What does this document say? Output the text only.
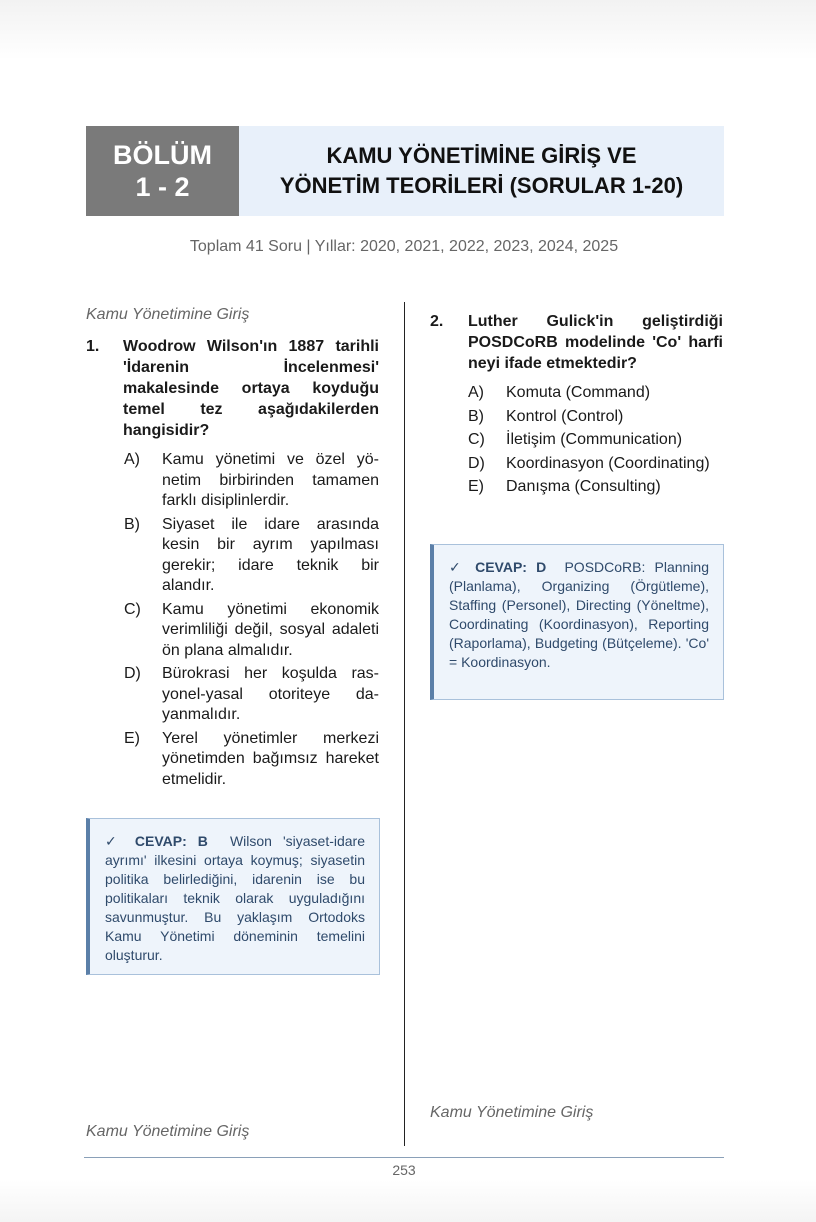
BÖLÜM
1 - 2
KAMU YÖNETİMİNE GİRİŞ VE
YÖNETİM TEORİLERİ (SORULAR 1-20)
Toplam 41 Soru | Yıllar: 2020, 2021, 2022, 2023, 2024, 2025
Kamu Yönetimine Giriş
1. Woodrow Wilson'ın 1887 tarihli 'İdarenin İncelenmesi' makalesinde ortaya koyduğu temel tez aşağıdakilerden hangisidir?
A) Kamu yönetimi ve özel yönetim birbirinden tamamen farklı disiplinlerdir.
B) Siyaset ile idare arasında kesin bir ayrım yapılması gerekir; idare teknik bir alandır.
C) Kamu yönetimi ekonomik verimliliği değil, sosyal adaleti ön plana almalıdır.
D) Bürokrasi her koşulda rasyonel-yasal otoriteye dayanmalıdır.
E) Yerel yönetimler merkezi yönetimden bağımsız hareket etmelidir.
✓ CEVAP: B Wilson 'siyaset-idare ayrımı' ilkesini ortaya koymuş; siyasetin politika belirlediğini, idarenin ise bu politikaları teknik olarak uyguladığını savunmuştur. Bu yaklaşım Ortodoks Kamu Yönetimi döneminin temelini oluşturur.
Kamu Yönetimine Giriş
2. Luther Gulick'in geliştirdiği POSDCoRB modelinde 'Co' harfi neyi ifade etmektedir?
A) Komuta (Command)
B) Kontrol (Control)
C) İletişim (Communication)
D) Koordinasyon (Coordinating)
E) Danışma (Consulting)
✓ CEVAP: D POSDCoRB: Planning (Planlama), Organizing (Örgütleme), Staffing (Personel), Directing (Yöneltme), Coordinating (Koordinasyon), Reporting (Raporlama), Budgeting (Bütçeleme). 'Co' = Koordinasyon.
Kamu Yönetimine Giriş
253
